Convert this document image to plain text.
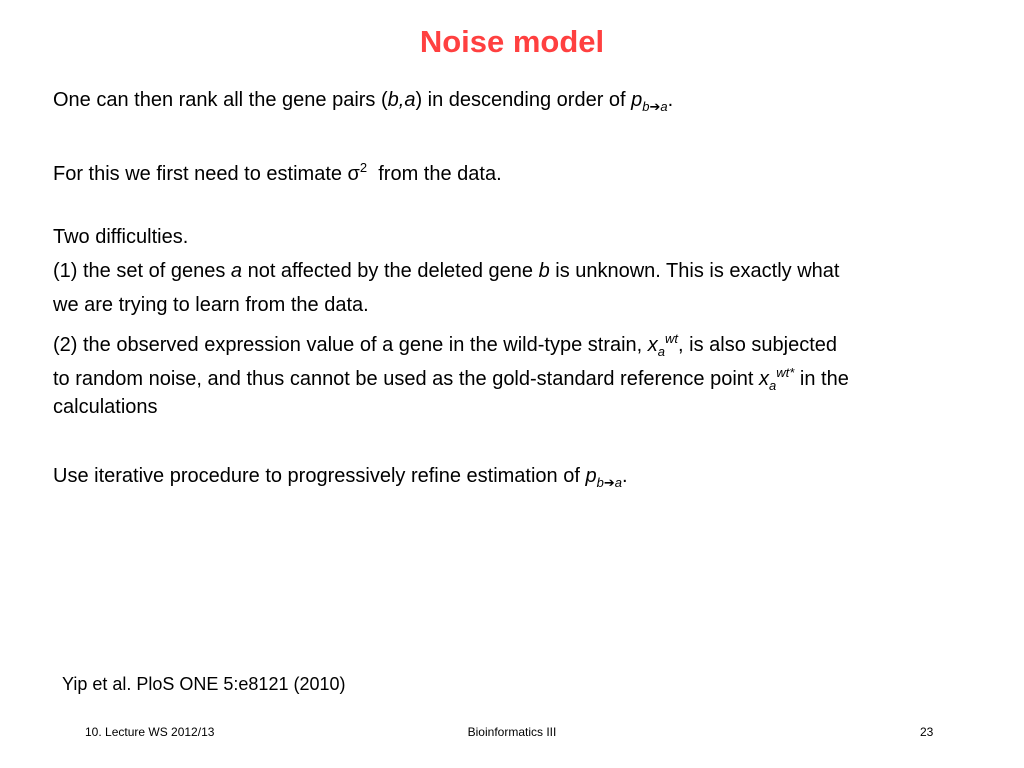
Noise model
One can then rank all the gene pairs (b,a) in descending order of $p_{b➔a}$.
For this we first need to estimate $\sigma^2$  from the data.
Two difficulties.
(1) the set of genes a not affected by the deleted gene b is unknown. This is exactly what
we are trying to learn from the data.
(2) the observed expression value of a gene in the wild-type strain, $x_a^{wt}$, is also subjected
to random noise, and thus cannot be used as the gold-standard reference point $x_a^{wt*}$ in the
calculations
Use iterative procedure to progressively refine estimation of $p_{b➔a}$.
Yip et al. PloS ONE 5:e8121 (2010)
10. Lecture WS 2012/13	Bioinformatics III	23
